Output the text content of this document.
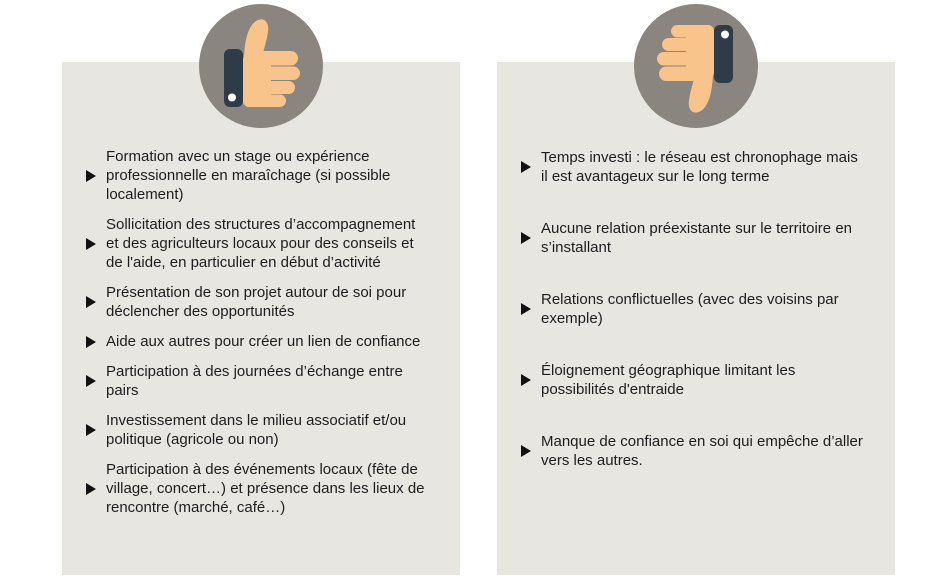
Formation avec un stage ou expérience professionnelle en maraîchage (si possible localement)
Sollicitation des structures d’accompagnement et des agriculteurs locaux pour des conseils et de l'aide, en particulier en début d’activité
Présentation de son projet autour de soi pour déclencher des opportunités
Aide aux autres pour créer un lien de confiance
Participation à des journées d’échange entre pairs
Investissement dans le milieu associatif et/ou politique (agricole ou non)
Participation à des événements locaux (fête de village, concert…) et présence dans les lieux de rencontre (marché, café…)
Temps investi : le réseau est chronophage mais il est avantageux sur le long terme
Aucune relation préexistante sur le territoire en s’installant
Relations conflictuelles (avec des voisins par exemple)
Éloignement géographique limitant les possibilités d'entraide
Manque de confiance en soi qui empêche d’aller vers les autres.
